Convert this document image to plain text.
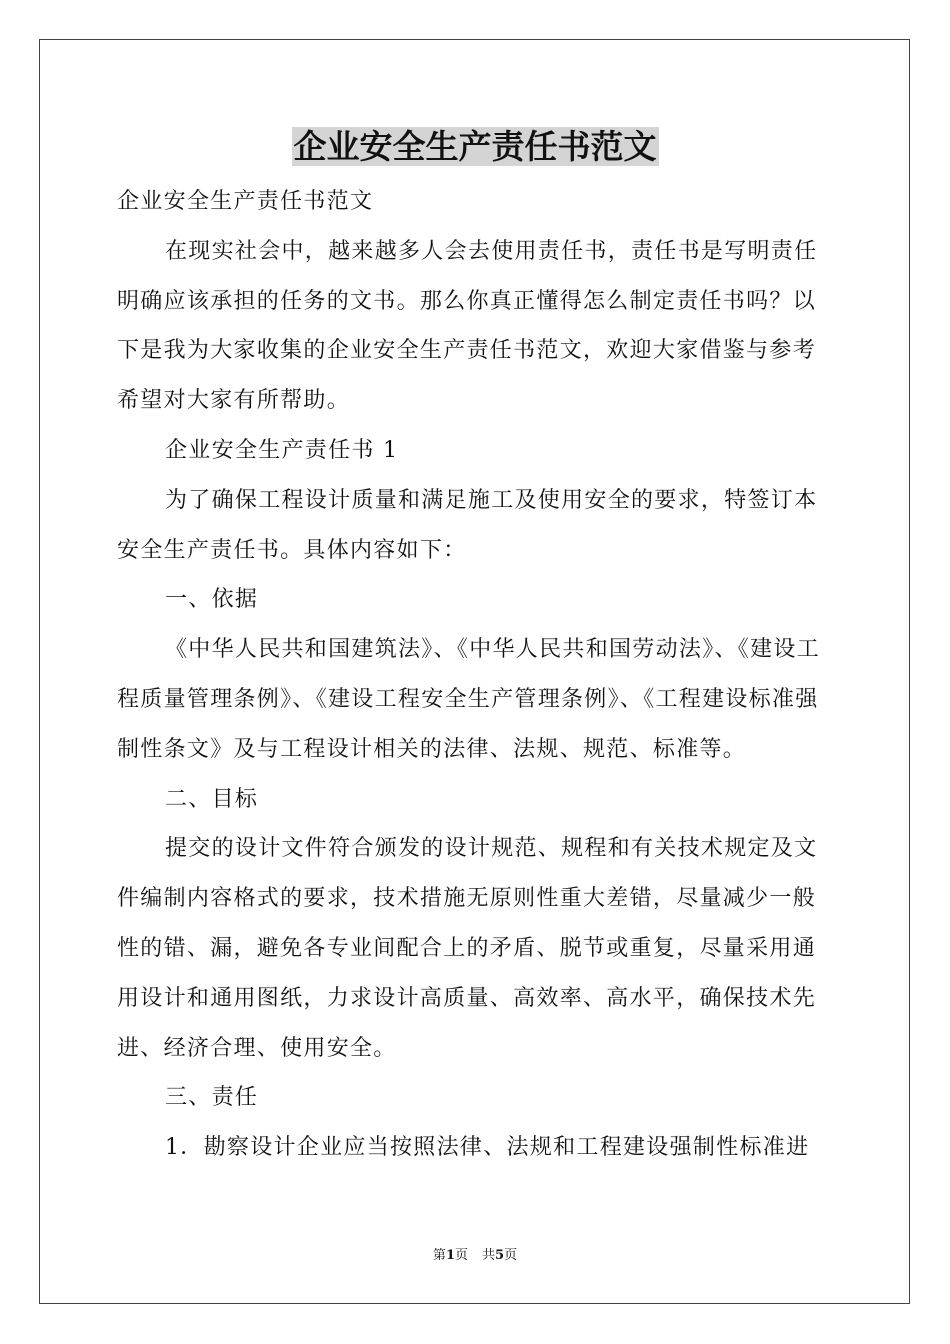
企业安全生产责任书范文

企业安全生产责任书范文

在现实社会中，越来越多人会去使用责任书，责任书是写明责任明确应该承担的任务的文书。那么你真正懂得怎么制定责任书吗？以下是我为大家收集的企业安全生产责任书范文，欢迎大家借鉴与参考希望对大家有所帮助。

企业安全生产责任书 1

为了确保工程设计质量和满足施工及使用安全的要求，特签订本安全生产责任书。具体内容如下：

一、依据

《中华人民共和国建筑法》、《中华人民共和国劳动法》、《建设工程质量管理条例》、《建设工程安全生产管理条例》、《工程建设标准强制性条文》及与工程设计相关的法律、法规、规范、标准等。

二、目标

提交的设计文件符合颁发的设计规范、规程和有关技术规定及文件编制内容格式的要求，技术措施无原则性重大差错，尽量减少一般性的错、漏，避免各专业间配合上的矛盾、脱节或重复，尽量采用通用设计和通用图纸，力求设计高质量、高效率、高水平，确保技术先进、经济合理、使用安全。

三、责任

1．勘察设计企业应当按照法律、法规和工程建设强制性标准进

第1页 共5页
